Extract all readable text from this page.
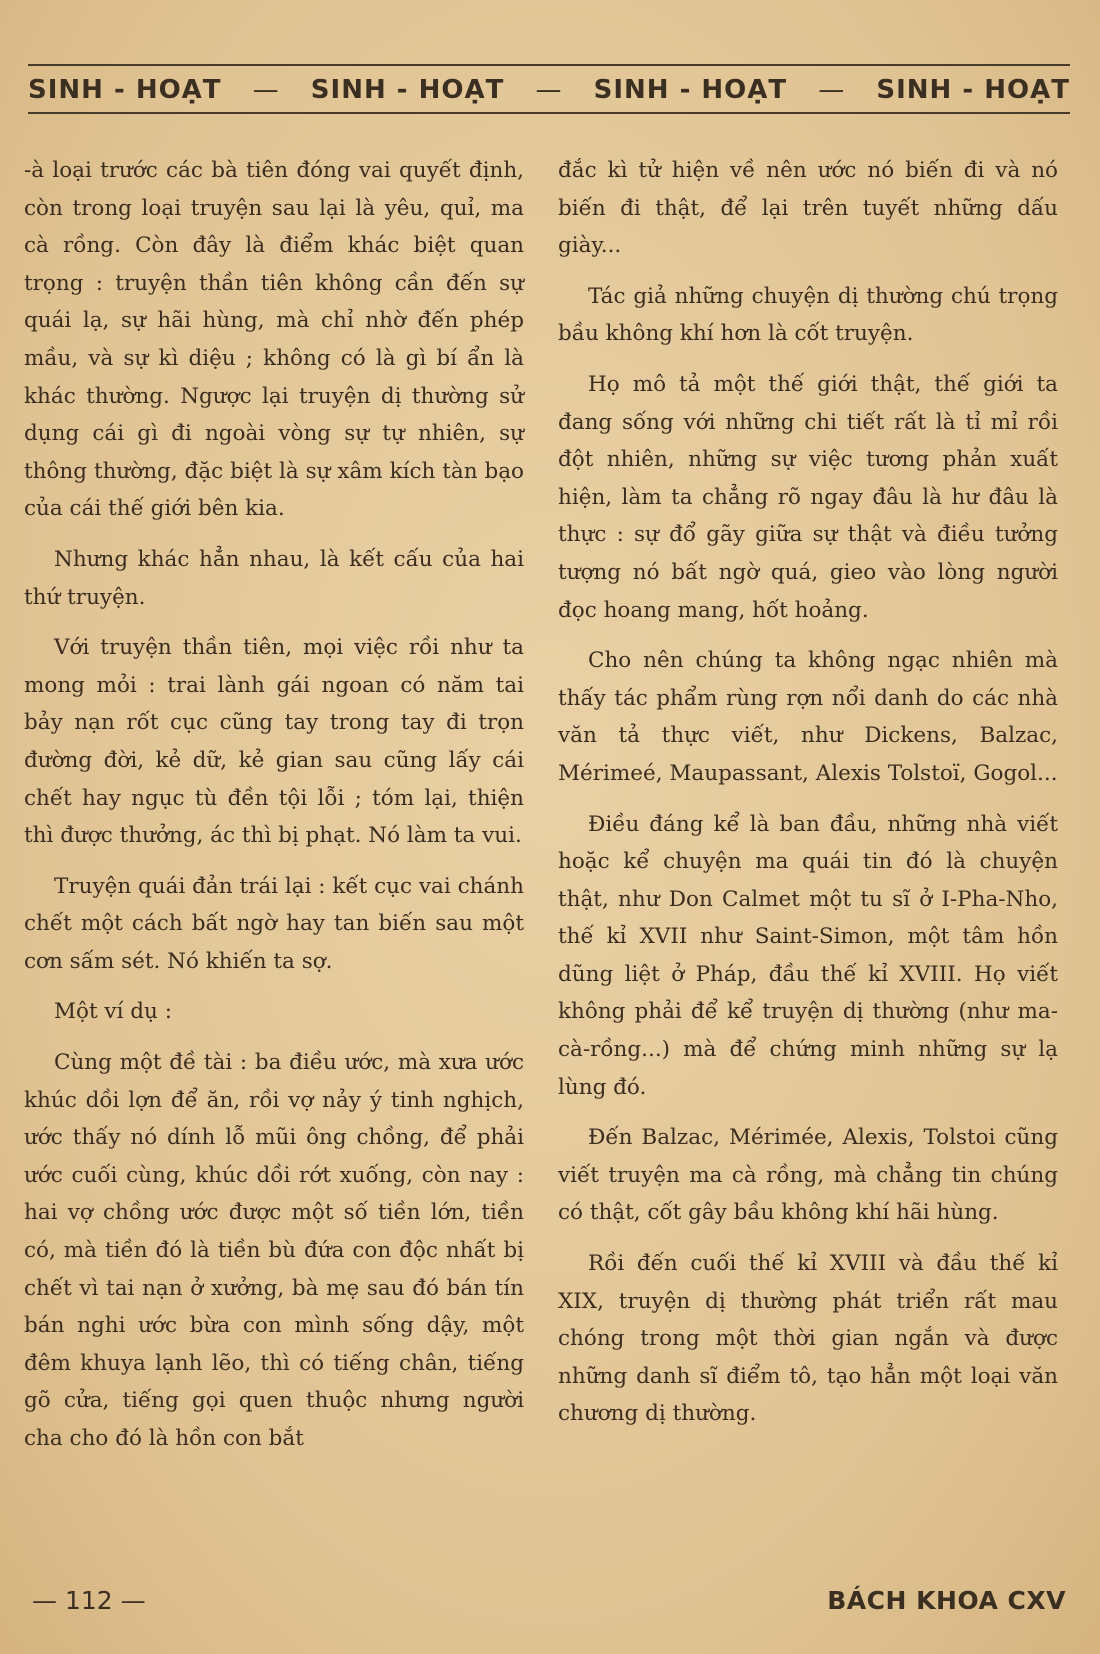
SINH - HOẠT — SINH - HOẠT — SINH - HOẠT — SINH - HOẠT

-à loại trước các bà tiên đóng vai quyết định, còn trong loại truyện sau lại là yêu, quỉ, ma cà rồng. Còn đây là điểm khác biệt quan trọng : truyện thần tiên không cần đến sự quái lạ, sự hãi hùng, mà chỉ nhờ đến phép mầu, và sự kì diệu ; không có là gì bí ẩn là khác thường. Ngược lại truyện dị thường sử dụng cái gì đi ngoài vòng sự tự nhiên, sự thông thường, đặc biệt là sự xâm kích tàn bạo của cái thế giới bên kia.

Nhưng khác hẳn nhau, là kết cấu của hai thứ truyện.

Với truyện thần tiên, mọi việc rồi như ta mong mỏi : trai lành gái ngoan có năm tai bảy nạn rốt cục cũng tay trong tay đi trọn đường đời, kẻ dữ, kẻ gian sau cũng lấy cái chết hay ngục tù đền tội lỗi ; tóm lại, thiện thì được thưởng, ác thì bị phạt. Nó làm ta vui.

Truyện quái đản trái lại : kết cục vai chánh chết một cách bất ngờ hay tan biến sau một cơn sấm sét. Nó khiến ta sợ.

Một ví dụ :

Cùng một đề tài : ba điều ước, mà xưa ước khúc dồi lợn để ăn, rồi vợ nảy ý tinh nghịch, ước thấy nó dính lỗ mũi ông chồng, để phải ước cuối cùng, khúc dồi rớt xuống, còn nay : hai vợ chồng ước được một số tiền lớn, tiền có, mà tiền đó là tiền bù đứa con độc nhất bị chết vì tai nạn ở xưởng, bà mẹ sau đó bán tín bán nghi ước bừa con mình sống dậy, một đêm khuya lạnh lẽo, thì có tiếng chân, tiếng gõ cửa, tiếng gọi quen thuộc nhưng người cha cho đó là hồn con bắt

đắc kì tử hiện về nên ước nó biến đi và nó biến đi thật, để lại trên tuyết những dấu giày...

Tác giả những chuyện dị thường chú trọng bầu không khí hơn là cốt truyện.

Họ mô tả một thế giới thật, thế giới ta đang sống với những chi tiết rất là tỉ mỉ rồi đột nhiên, những sự việc tương phản xuất hiện, làm ta chẳng rõ ngay đâu là hư đâu là thực : sự đổ gãy giữa sự thật và điều tưởng tượng nó bất ngờ quá, gieo vào lòng người đọc hoang mang, hốt hoảng.

Cho nên chúng ta không ngạc nhiên mà thấy tác phẩm rùng rợn nổi danh do các nhà văn tả thực viết, như Dickens, Balzac, Mérimeé, Maupassant, Alexis Tolstoï, Gogol...

Điều đáng kể là ban đầu, những nhà viết hoặc kể chuyện ma quái tin đó là chuyện thật, như Don Calmet một tu sĩ ở I-Pha-Nho, thế kỉ XVII như Saint-Simon, một tâm hồn dũng liệt ở Pháp, đầu thế kỉ XVIII. Họ viết không phải để kể truyện dị thường (như ma-cà-rồng...) mà để chứng minh những sự lạ lùng đó.

Đến Balzac, Mérimée, Alexis, Tolstoi cũng viết truyện ma cà rồng, mà chẳng tin chúng có thật, cốt gây bầu không khí hãi hùng.

Rồi đến cuối thế kỉ XVIII và đầu thế kỉ XIX, truyện dị thường phát triển rất mau chóng trong một thời gian ngắn và được những danh sĩ điểm tô, tạo hẳn một loại văn chương dị thường.

— 112 —	BÁCH KHOA CXV
